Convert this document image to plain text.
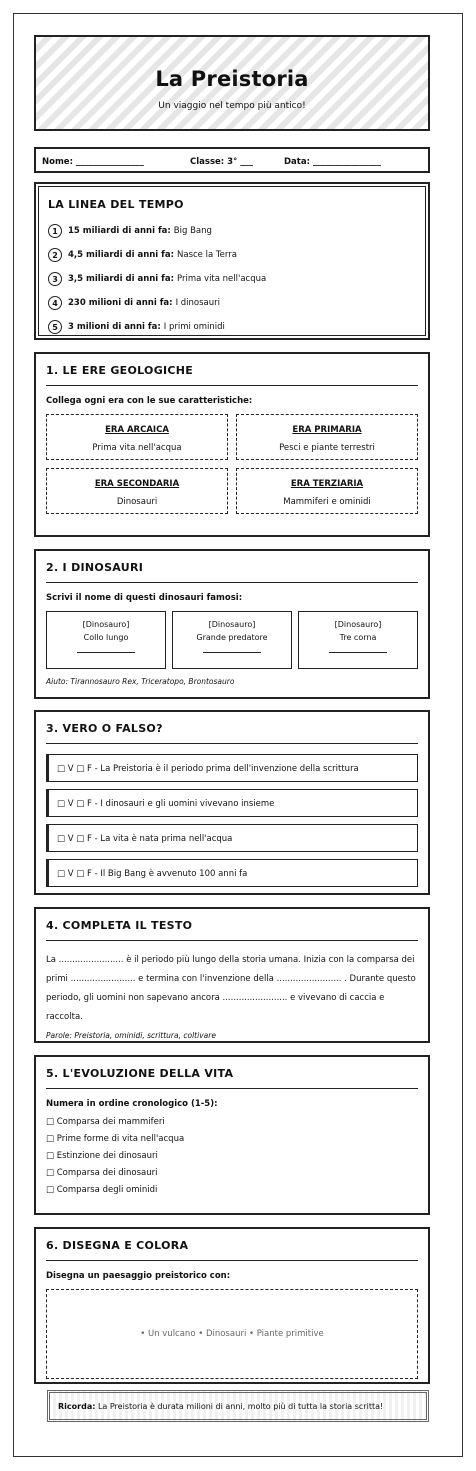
La Preistoria
Un viaggio nel tempo più antico!
Nome: ________________	Classe: 3° ___	Data: ________________
LA LINEA DEL TEMPO
1	15 miliardi di anni fa: Big Bang
2	4,5 miliardi di anni fa: Nasce la Terra
3	3,5 miliardi di anni fa: Prima vita nell'acqua
4	230 milioni di anni fa: I dinosauri
5	3 milioni di anni fa: I primi ominidi
1. LE ERE GEOLOGICHE
Collega ogni era con le sue caratteristiche:
ERA ARCAICA
Prima vita nell'acqua
ERA PRIMARIA
Pesci e piante terrestri
ERA SECONDARIA
Dinosauri
ERA TERZIARIA
Mammiferi e ominidi
2. I DINOSAURI
Scrivi il nome di questi dinosauri famosi:
[Dinosauro]
Collo lungo
[Dinosauro]
Grande predatore
[Dinosauro]
Tre corna
Aiuto: Tirannosauro Rex, Triceratopo, Brontosauro
3. VERO O FALSO?
□ V □ F - La Preistoria è il periodo prima dell'invenzione della scrittura
□ V □ F - I dinosauri e gli uomini vivevano insieme
□ V □ F - La vita è nata prima nell'acqua
□ V □ F - Il Big Bang è avvenuto 100 anni fa
4. COMPLETA IL TESTO
La ........................ è il periodo più lungo della storia umana. Inizia con la comparsa dei primi ........................ e termina con l'invenzione della ........................ . Durante questo periodo, gli uomini non sapevano ancora ........................ e vivevano di caccia e raccolta.
Parole: Preistoria, ominidi, scrittura, coltivare
5. L'EVOLUZIONE DELLA VITA
Numera in ordine cronologico (1-5):
□ Comparsa dei mammiferi
□ Prime forme di vita nell'acqua
□ Estinzione dei dinosauri
□ Comparsa dei dinosauri
□ Comparsa degli ominidi
6. DISEGNA E COLORA
Disegna un paesaggio preistorico con:
• Un vulcano • Dinosauri • Piante primitive
Ricorda: La Preistoria è durata milioni di anni, molto più di tutta la storia scritta!
